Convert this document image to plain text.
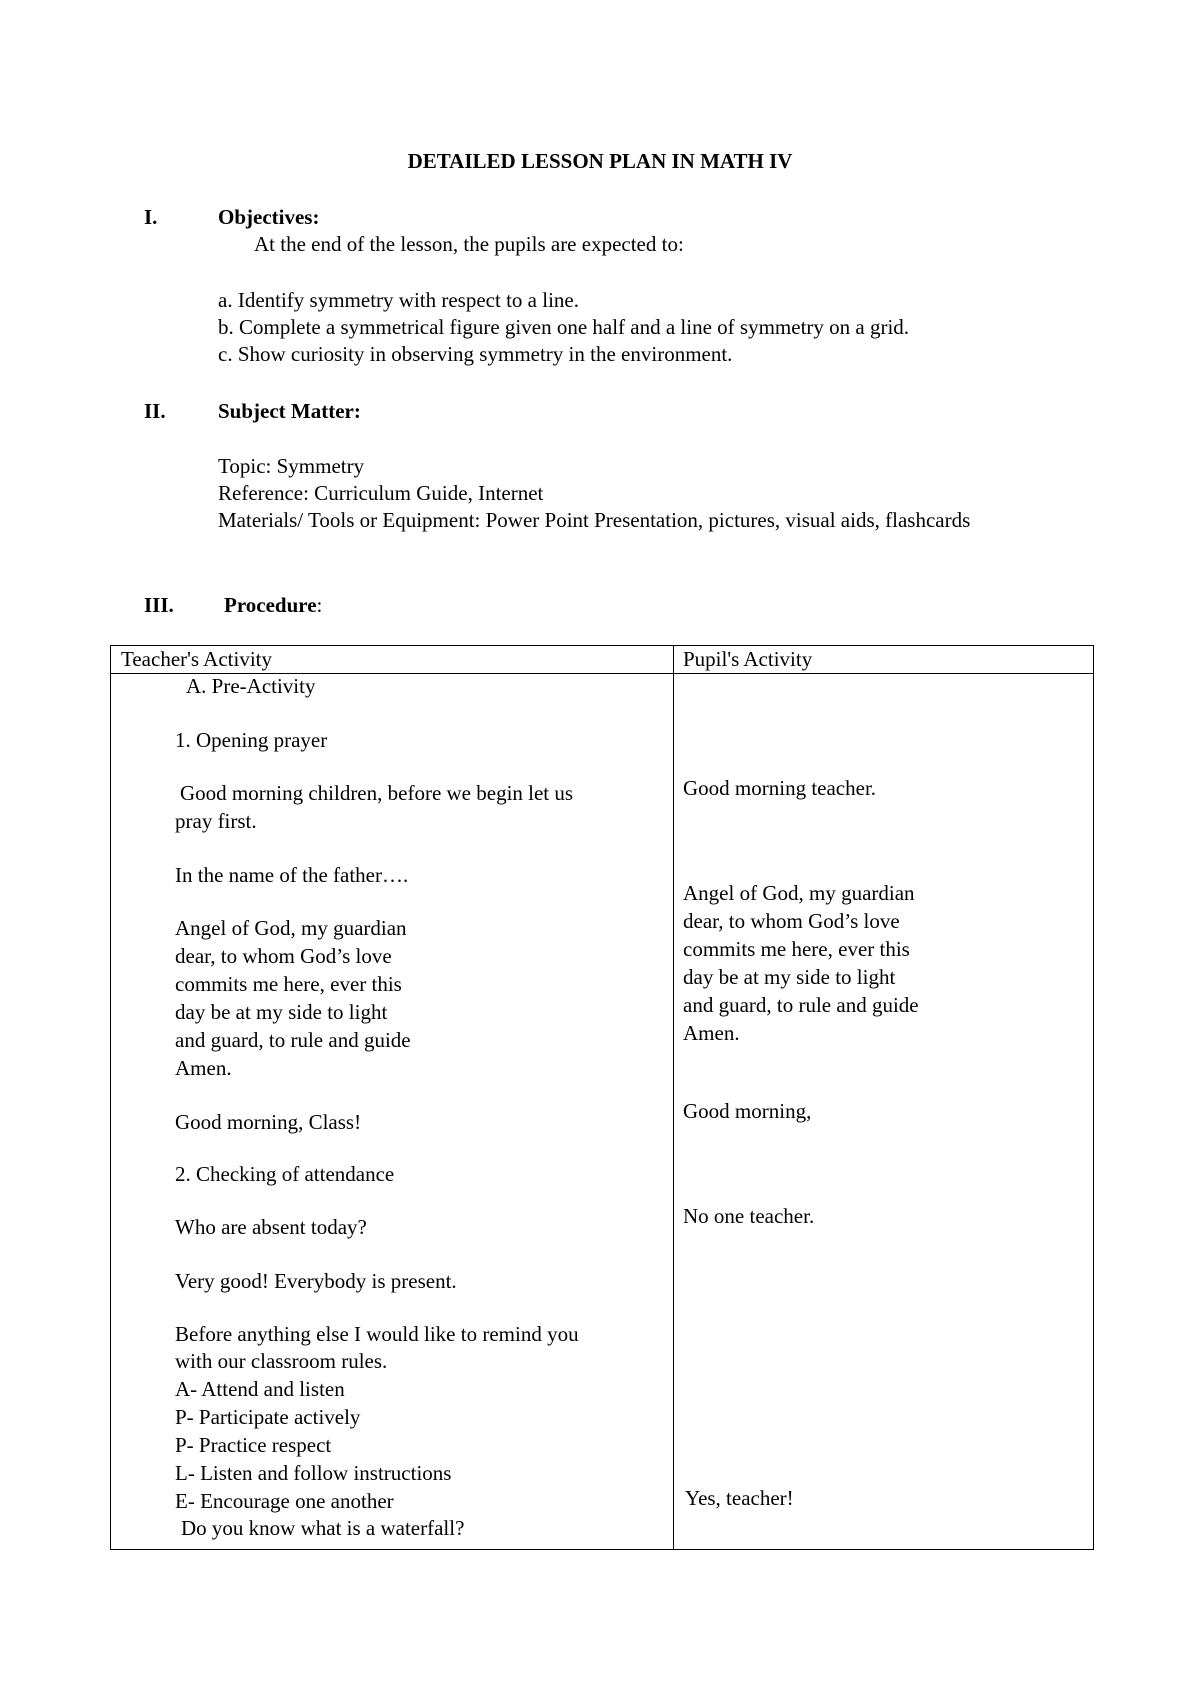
DETAILED LESSON PLAN IN MATH IV
I.	Objectives:
At the end of the lesson, the pupils are expected to:
a. Identify symmetry with respect to a line.
b. Complete a symmetrical figure given one half and a line of symmetry on a grid.
c. Show curiosity in observing symmetry in the environment.
II. Subject Matter:
Topic: Symmetry
Reference: Curriculum Guide, Internet
Materials/ Tools or Equipment: Power Point Presentation, pictures, visual aids, flashcards
III. Procedure:
Teacher's Activity	Pupil's Activity
A. Pre-Activity
1. Opening prayer
Good morning children, before we begin let us
pray first.
In the name of the father….
Angel of God, my guardian
dear, to whom God’s love
commits me here, ever this
day be at my side to light
and guard, to rule and guide
Amen.
Good morning, Class!
2. Checking of attendance
Who are absent today?
Very good! Everybody is present.
Before anything else I would like to remind you
with our classroom rules.
A- Attend and listen
P- Participate actively
P- Practice respect
L- Listen and follow instructions
E- Encourage one another
Do you know what is a waterfall?
Good morning teacher.
Angel of God, my guardian
dear, to whom God’s love
commits me here, ever this
day be at my side to light
and guard, to rule and guide
Amen.
Good morning,
No one teacher.
Yes, teacher!
